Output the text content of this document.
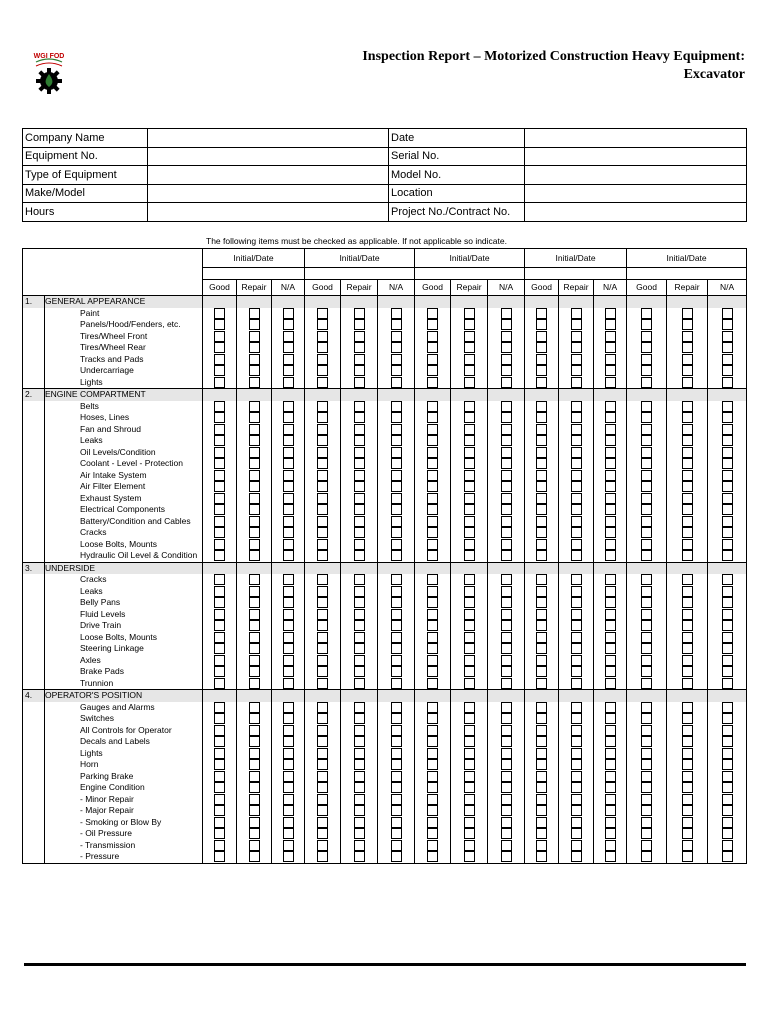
WGI FOD	Inspection Report – Motorized Construction Heavy Equipment:
Excavator
Company Name		Date	
Equipment No.		Serial No.	
Type of Equipment		Model No.	
Make/Model		Location	
Hours		Project No./Contract No.	
The following items must be checked as applicable. If not applicable so indicate.
		Initial/Date			Initial/Date			Initial/Date			Initial/Date			Initial/Date		

		Good	Repair	N/A	Good	Repair	N/A	Good	Repair	N/A	Good	Repair	N/A	Good	Repair	N/A
1.	GENERAL APPEARANCE															
	Paint															
	Panels/Hood/Fenders, etc.															
	Tires/Wheel Front															
	Tires/Wheel Rear															
	Tracks and Pads															
	Undercarriage															
	Lights															
2.	ENGINE COMPARTMENT															
	Belts															
	Hoses, Lines															
	Fan and Shroud															
	Leaks															
	Oil Levels/Condition															
	Coolant - Level - Protection															
	Air Intake System															
	Air Filter Element															
	Exhaust System															
	Electrical Components															
	Battery/Condition and Cables															
	Cracks															
	Loose Bolts, Mounts															
	Hydraulic Oil Level & Condition															
3.	UNDERSIDE															
	Cracks															
	Leaks															
	Belly Pans															
	Fluid Levels															
	Drive Train															
	Loose Bolts, Mounts															
	Steering Linkage															
	Axles															
	Brake Pads															
	Trunnion															
4.	OPERATOR'S POSITION															
	Gauges and Alarms															
	Switches															
	All Controls for Operator															
	Decals and Labels															
	Lights															
	Horn															
	Parking Brake															
	Engine Condition															
	- Minor Repair															
	- Major Repair															
	- Smoking or Blow By															
	- Oil Pressure															
	- Transmission															
	- Pressure															
